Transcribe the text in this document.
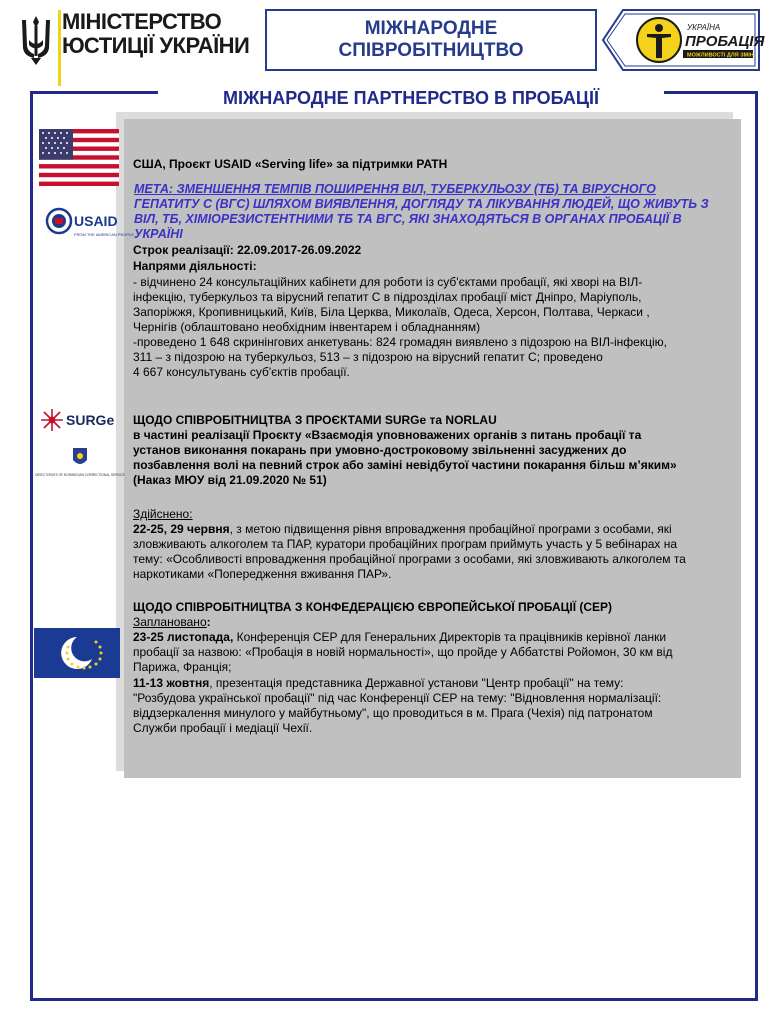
МІНІСТЕРСТВО
ЮСТИЦІЇ УКРАЇНИ
МІЖНАРОДНЕ
СПІВРОБІТНИЦТВО
УКРАЇНА
ПРОБАЦІЯ
МОЖЛИВОСТІ ДЛЯ ЗМІН
МІЖНАРОДНЕ ПАРТНЕРСТВО В ПРОБАЦІЇ
USAID
FROM THE AMERICAN PEOPLE
SURGe
DIRECTORATE OF NORWEGIAN CORRECTIONAL SERVICE
США, Проєкт USAID «Serving life» за підтримки PATH
МЕТА: ЗМЕНШЕННЯ ТЕМПІВ ПОШИРЕННЯ ВІЛ, ТУБЕРКУЛЬОЗУ (ТБ) ТА ВІРУСНОГО
ГЕПАТИТУ С (ВГС) ШЛЯХОМ ВИЯВЛЕННЯ, ДОГЛЯДУ ТА ЛІКУВАННЯ ЛЮДЕЙ, ЩО ЖИВУТЬ З
ВІЛ, ТБ, ХІМІОРЕЗИСТЕНТНИМИ ТБ ТА ВГС, ЯКІ ЗНАХОДЯТЬСЯ В ОРГАНАХ ПРОБАЦІЇ В
УКРАЇНІ
Строк реалізації: 22.09.2017-26.09.2022
Напрями діяльності:
- відчинено 24 консультаційних кабінети для роботи із суб'єктами пробації, які хворі на ВІЛ-
інфекцію, туберкульоз та вірусний гепатит С в підрозділах пробації міст Дніпро, Маріуполь,
Запоріжжя, Кропивницький, Київ, Біла Церква, Миколаїв, Одеса, Херсон, Полтава, Черкаси ,
Чернігів (облаштовано необхідним інвентарем і обладнанням)
-проведено 1 648 скринінгових анкетувань: 824 громадян виявлено з підозрою на ВІЛ-інфекцію,
311 – з підозрою на туберкульоз, 513 – з підозрою на вірусний гепатит С; проведено
4 667 консультувань суб'єктів пробації.
ЩОДО СПІВРОБІТНИЦТВА З ПРОЄКТАМИ SURGe та NORLAU
в частині реалізації Проєкту «Взаємодія уповноважених органів з питань пробації та
установ виконання покарань при умовно-достроковому звільненні засуджених до
позбавлення волі на певний строк або заміні невідбутої частини покарання більш м’яким»
(Наказ МЮУ від 21.09.2020 № 51)
Здійснено:
22-25, 29 червня, з метою підвищення рівня впровадження пробаційної програми з особами, які
зловживають алкоголем та ПАР, куратори пробаційних програм приймуть участь у 5 вебінарах на
тему: «Особливості впровадження пробаційної програми з особами, які зловживають алкоголем та
наркотиками «Попередження вживання ПАР».
ЩОДО СПІВРОБІТНИЦТВА З КОНФЕДЕРАЦІЄЮ ЄВРОПЕЙСЬКОЇ ПРОБАЦІЇ (CEP)
Заплановано:
23-25 листопада, Конференція CEP для Генеральних Директорів та працівників керівної ланки
пробації за назвою: «Пробація в новій нормальності», що пройде у Аббатстві Ройомон, 30 км від
Парижа, Франція;
11-13 жовтня, презентація представника Державної установи "Центр пробації" на тему:
"Розбудова української пробації" під час Конференції CEP на тему: "Відновлення нормалізації:
віддзеркалення минулого у майбутньому", що проводиться в м. Прага (Чехія) під патронатом
Служби пробації і медіації Чехії.
